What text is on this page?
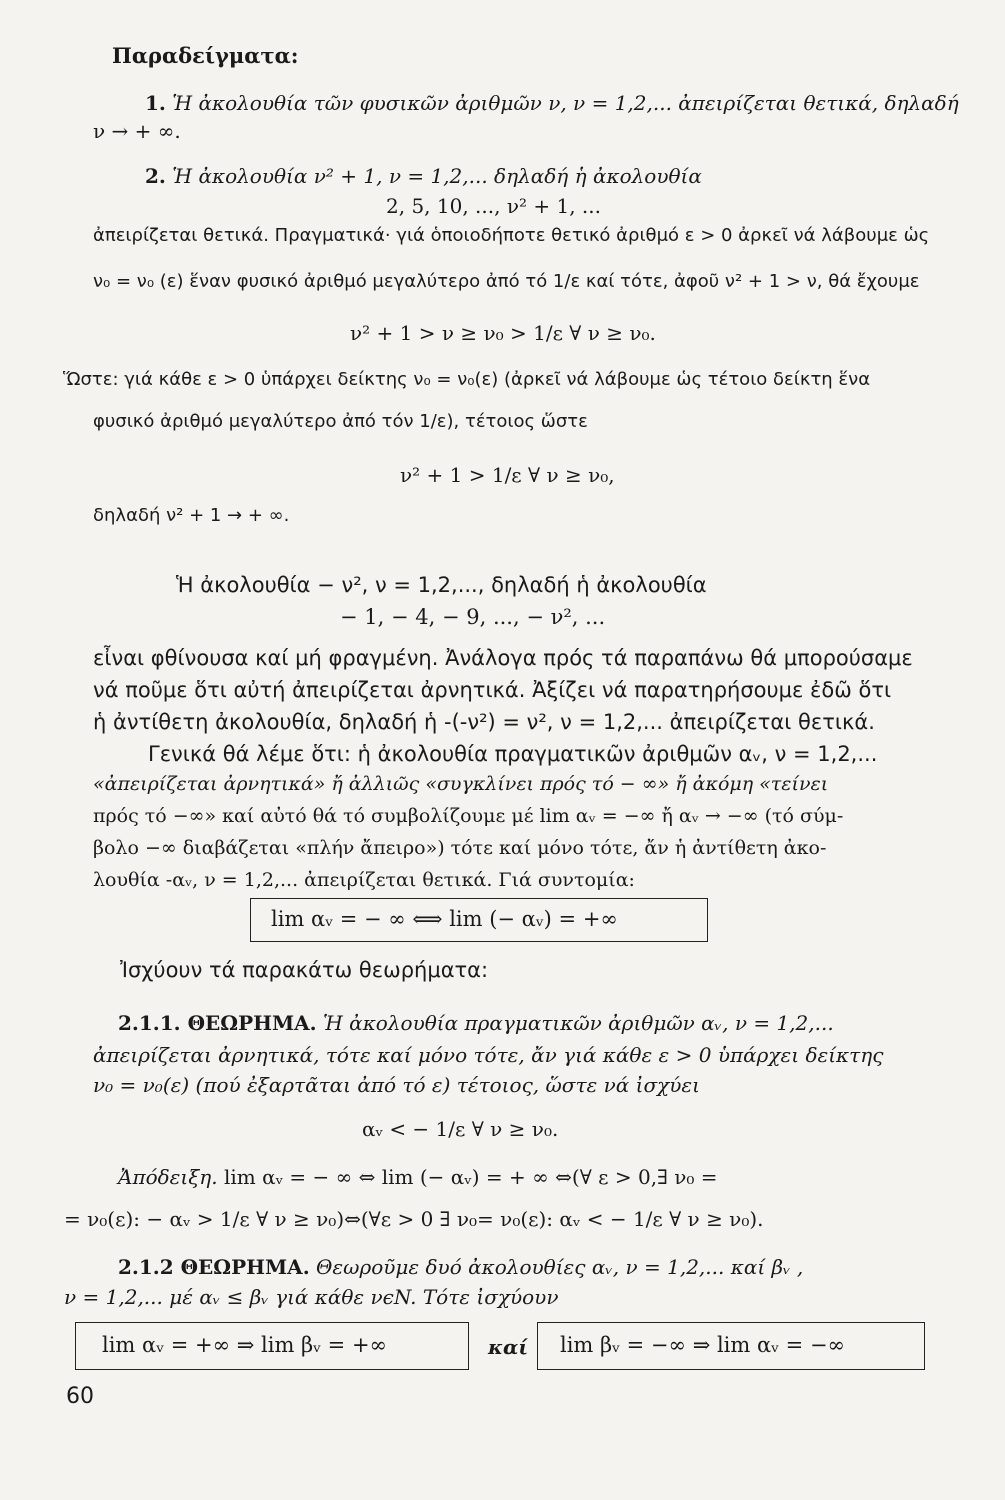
Παραδείγματα:
1. Ἡ ἀκολουθία τῶν φυσικῶν ἀριθμῶν ν, ν = 1,2,... ἀπειρίζεται θετικά, δηλαδή
ν → + ∞.
2. Ἡ ἀκολουθία ν² + 1, ν = 1,2,... δηλαδή ἡ ἀκολουθία
2, 5, 10, ..., ν² + 1, ...
ἀπειρίζεται θετικά. Πραγματικά· γιά ὁποιοδήποτε θετικό ἀριθμό ε > 0 ἀρκεῖ νά λάβουμε ὡς
ν₀ = ν₀ (ε) ἕναν φυσικό ἀριθμό μεγαλύτερο ἀπό τό 1/ε καί τότε, ἀφοῦ ν² + 1 > ν, θά ἔχουμε
ν² + 1 > ν ≥ ν₀ > 1/ε ∀ ν ≥ ν₀.
Ὥστε: γιά κάθε ε > 0 ὑπάρχει δείκτης ν₀ = ν₀(ε) (ἀρκεῖ νά λάβουμε ὡς τέτοιο δείκτη ἕνα
φυσικό ἀριθμό μεγαλύτερο ἀπό τόν 1/ε), τέτοιος ὥστε
ν² + 1 > 1/ε ∀ ν ≥ ν₀,
δηλαδή ν² + 1 → + ∞.
Ἡ ἀκολουθία − ν², ν = 1,2,..., δηλαδή ἡ ἀκολουθία
− 1, − 4, − 9, ..., − ν², ...
εἶναι φθίνουσα καί μή φραγμένη. Ἀνάλογα πρός τά παραπάνω θά μπορούσαμε
νά ποῦμε ὅτι αὐτή ἀπειρίζεται ἀρνητικά. Ἀξίζει νά παρατηρήσουμε ἐδῶ ὅτι
ἡ ἀντίθετη ἀκολουθία, δηλαδή ἡ -(-ν²) = ν², ν = 1,2,... ἀπειρίζεται θετικά.
Γενικά θά λέμε ὅτι: ἡ ἀκολουθία πραγματικῶν ἀριθμῶν αᵥ, ν = 1,2,...
«ἀπειρίζεται ἀρνητικά» ἤ ἀλλιῶς «συγκλίνει πρός τό − ∞» ἤ ἀκόμη «τείνει
πρός τό −∞» καί αὐτό θά τό συμβολίζουμε μέ lim αᵥ = −∞ ἤ αᵥ → −∞ (τό σύμ-
βολο −∞ διαβάζεται «πλήν ἄπειρο») τότε καί μόνο τότε, ἄν ἡ ἀντίθετη ἀκο-
λουθία -αᵥ, ν = 1,2,... ἀπειρίζεται θετικά. Γιά συντομία:
lim αᵥ = − ∞ ⟺ lim (− αᵥ) = +∞
Ἰσχύουν τά παρακάτω θεωρήματα:
2.1.1. ΘΕΩΡΗΜΑ. Ἡ ἀκολουθία πραγματικῶν ἀριθμῶν αᵥ, ν = 1,2,...
ἀπειρίζεται ἀρνητικά, τότε καί μόνο τότε, ἄν γιά κάθε ε > 0 ὑπάρχει δείκτης
ν₀ = ν₀(ε) (πού ἐξαρτᾶται ἀπό τό ε) τέτοιος, ὥστε νά ἰσχύει
αᵥ < − 1/ε ∀ ν ≥ ν₀.
Ἀπόδειξη. lim αᵥ = − ∞ ⇔ lim (− αᵥ) = + ∞ ⇔(∀ ε > 0,∃ ν₀ =
= ν₀(ε): − αᵥ > 1/ε ∀ ν ≥ ν₀)⇔(∀ε > 0 ∃ ν₀= ν₀(ε): αᵥ < − 1/ε ∀ ν ≥ ν₀).
2.1.2 ΘΕΩΡΗΜΑ. Θεωροῦμε δυό ἀκολουθίες αᵥ, ν = 1,2,... καί βᵥ ,
ν = 1,2,... μέ αᵥ ≤ βᵥ γιά κάθε νϵN. Τότε ἰσχύουν
lim αᵥ = +∞ ⇒ lim βᵥ = +∞	καί lim βᵥ = −∞ ⇒ lim αᵥ = −∞
60
